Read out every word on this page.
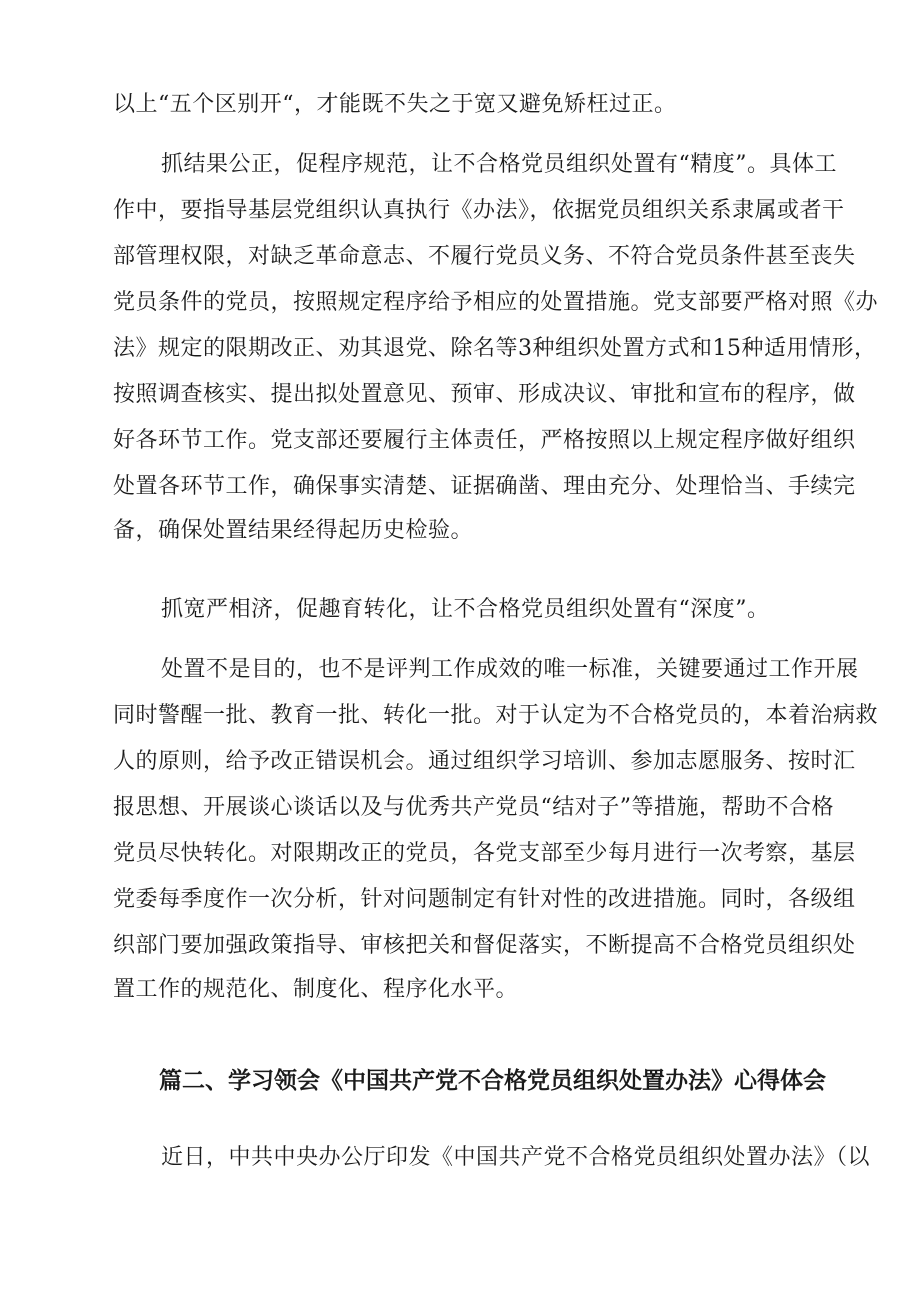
以上“五个区别开“，才能既不失之于宽又避免矫枉过正。
抓结果公正，促程序规范，让不合格党员组织处置有“精度”。具体工
作中，要指导基层党组织认真执行《办法》，依据党员组织关系隶属或者干
部管理权限，对缺乏革命意志、不履行党员义务、不符合党员条件甚至丧失
党员条件的党员，按照规定程序给予相应的处置措施。党支部要严格对照《办
法》规定的限期改正、劝其退党、除名等3种组织处置方式和15种适用情形，
按照调查核实、提出拟处置意见、预审、形成决议、审批和宣布的程序，做
好各环节工作。党支部还要履行主体责任，严格按照以上规定程序做好组织
处置各环节工作，确保事实清楚、证据确凿、理由充分、处理恰当、手续完
备，确保处置结果经得起历史检验。
抓宽严相济，促趣育转化，让不合格党员组织处置有“深度”。
处置不是目的，也不是评判工作成效的唯一标准，关键要通过工作开展
同时警醒一批、教育一批、转化一批。对于认定为不合格党员的，本着治病救
人的原则，给予改正错误机会。通过组织学习培训、参加志愿服务、按时汇
报思想、开展谈心谈话以及与优秀共产党员“结对子”等措施，帮助不合格
党员尽快转化。对限期改正的党员，各党支部至少每月进行一次考察，基层
党委每季度作一次分析，针对问题制定有针对性的改进措施。同时，各级组
织部门要加强政策指导、审核把关和督促落实，不断提高不合格党员组织处
置工作的规范化、制度化、程序化水平。
篇二、学习领会《中国共产党不合格党员组织处置办法》心得体会
近日，中共中央办公厅印发《中国共产党不合格党员组织处置办法》（以
